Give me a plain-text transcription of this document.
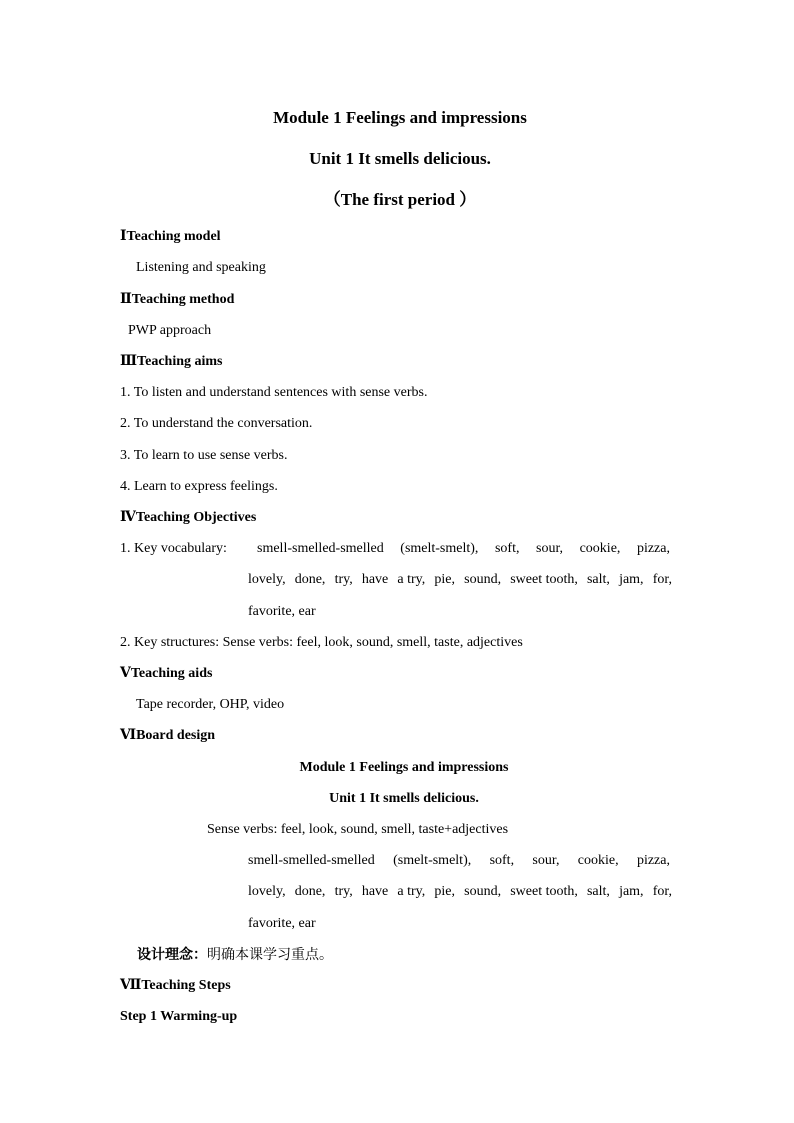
Module 1 Feelings and impressions
Unit 1 It smells delicious.
（The first period ）
ⅠTeaching model
Listening and speaking
ⅡTeaching method
PWP approach
ⅢTeaching aims
1. To listen and understand sentences with sense verbs.
2. To understand the conversation.
3. To learn to use sense verbs.
4. Learn to express feelings.
ⅣTeaching Objectives
1. Key vocabulary: smell-smelled-smelled (smelt-smelt), soft, sour, cookie, pizza,
lovely, done, try, have a try, pie, sound, sweet tooth, salt, jam, for,
favorite, ear
2. Key structures: Sense verbs: feel, look, sound, smell, taste, adjectives
ⅤTeaching aids
Tape recorder, OHP, video
ⅥBoard design
Module 1 Feelings and impressions
Unit 1 It smells delicious.
Sense verbs: feel, look, sound, smell, taste+adjectives
smell-smelled-smelled (smelt-smelt), soft, sour, cookie, pizza,
lovely, done, try, have a try, pie, sound, sweet tooth, salt, jam, for,
favorite, ear
设计理念：明确本课学习重点。
ⅦTeaching Steps
Step 1 Warming-up
